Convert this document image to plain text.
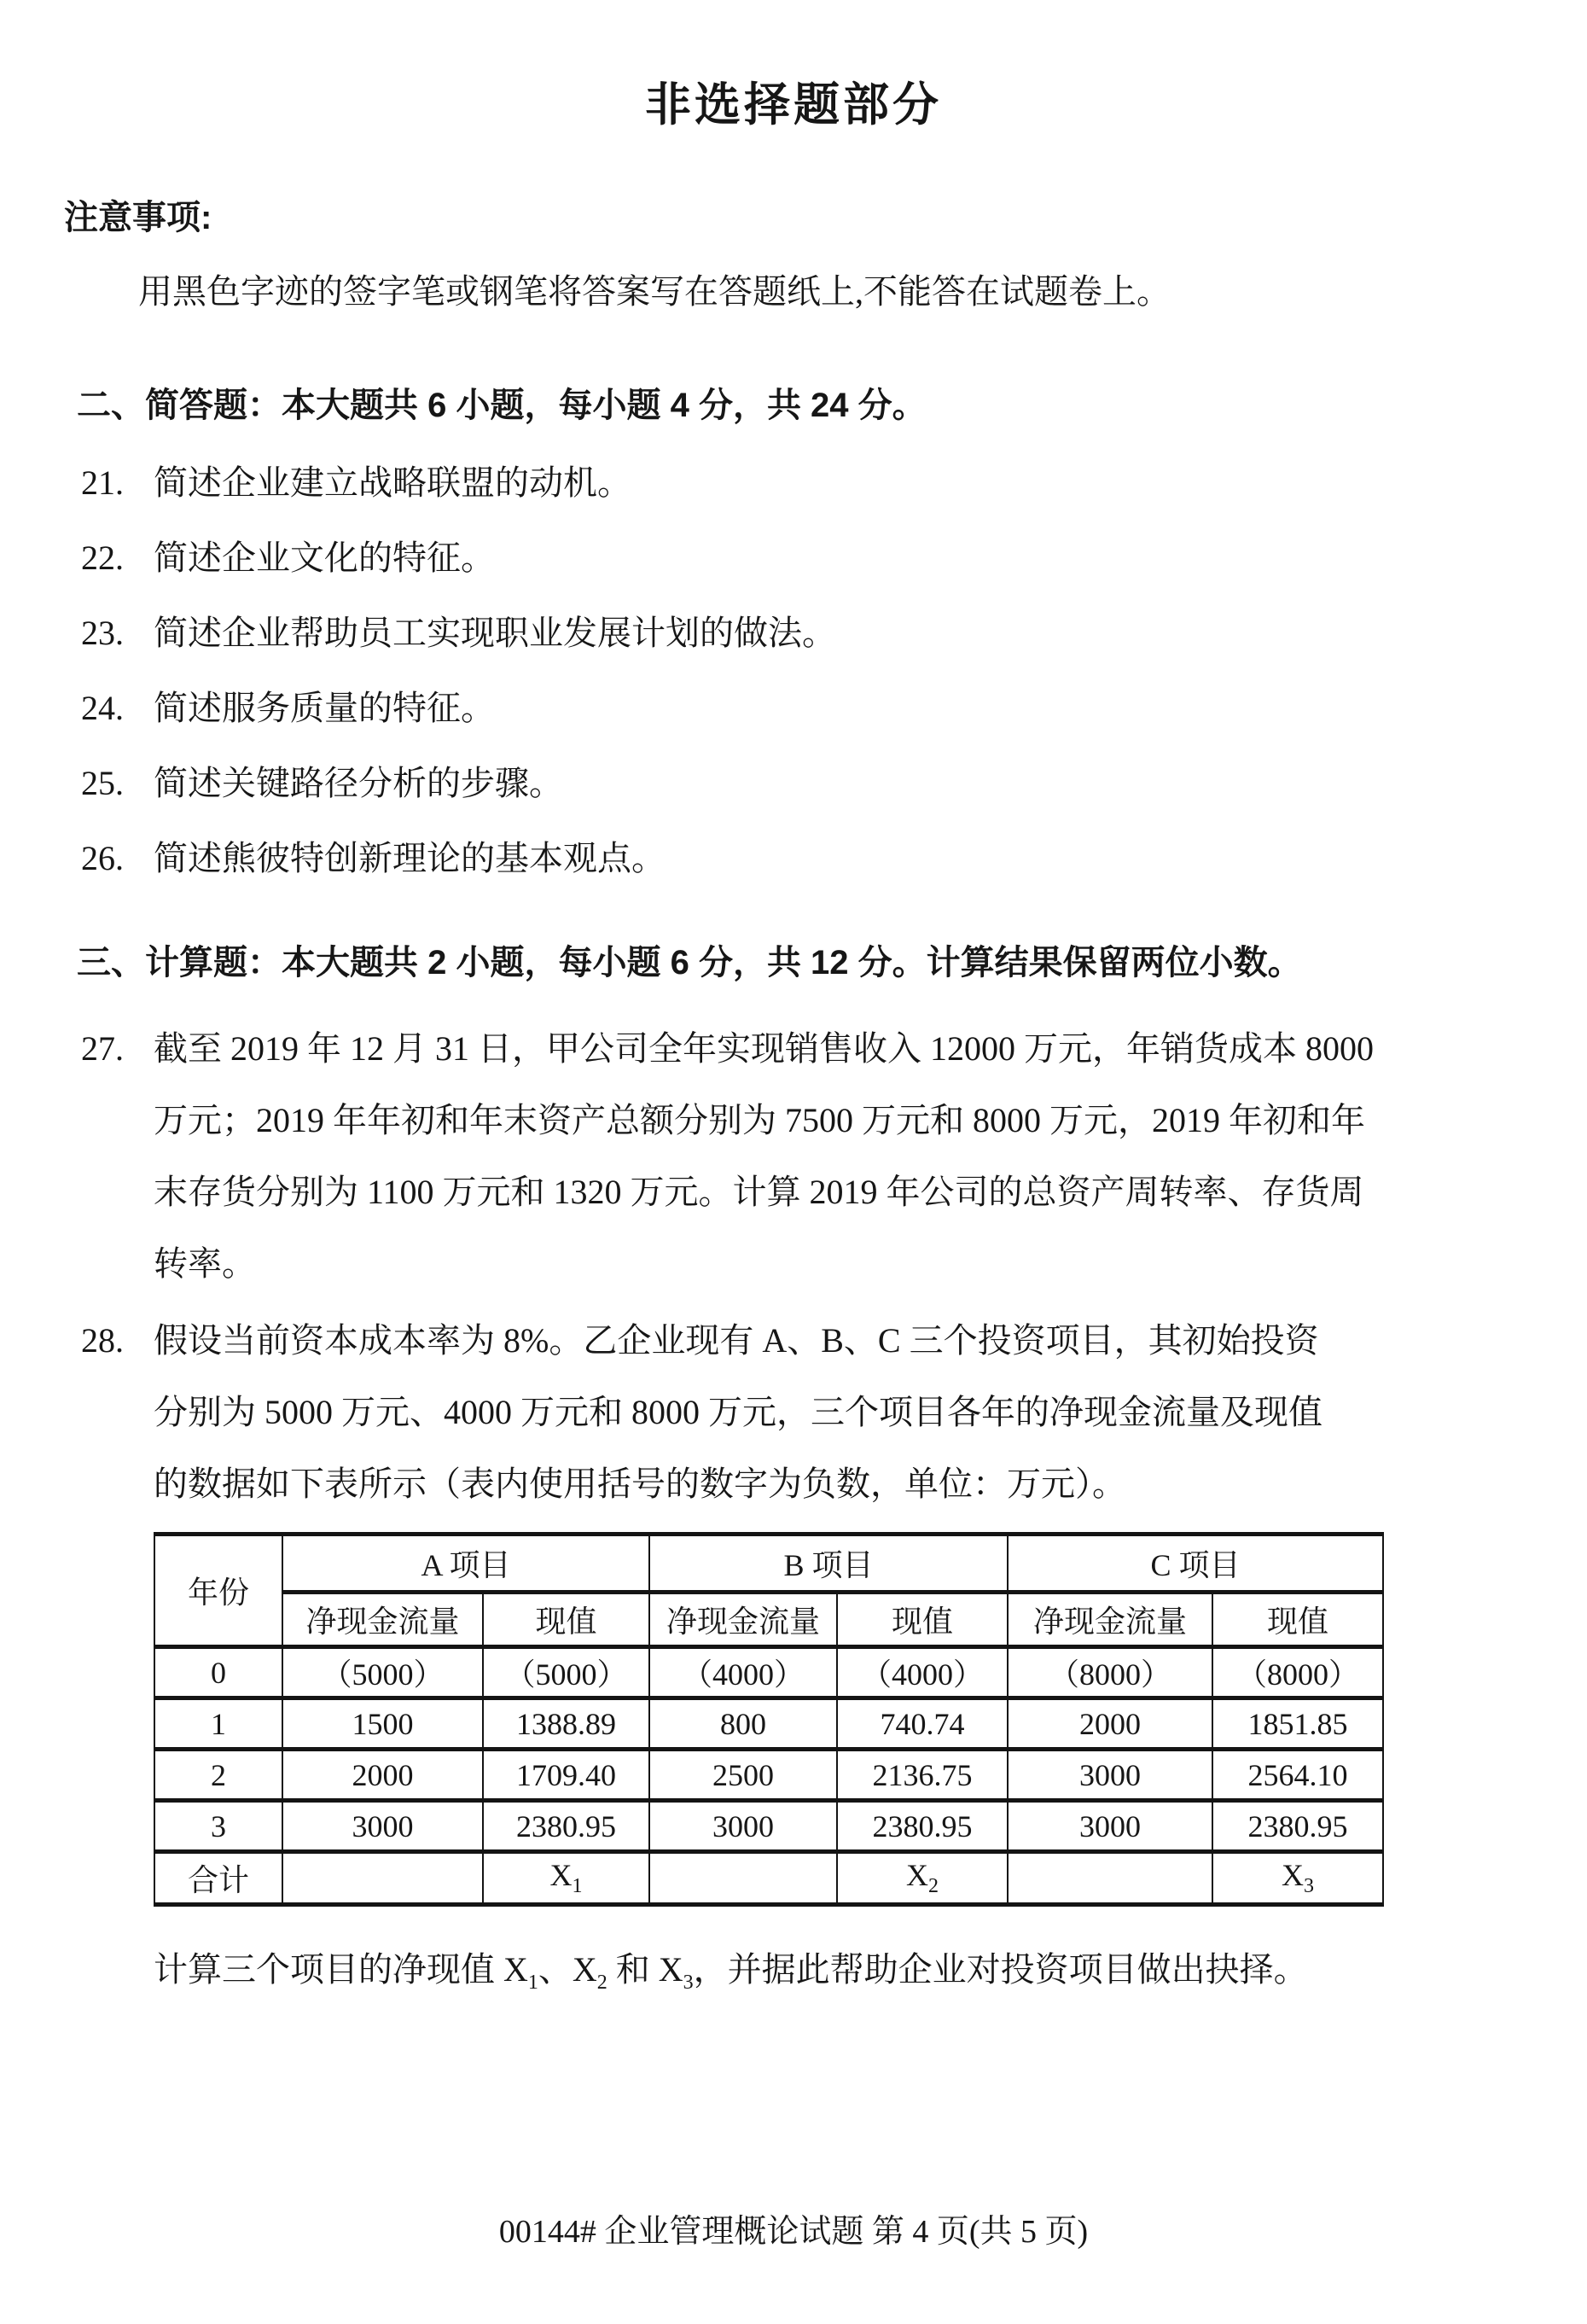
非选择题部分
注意事项:
用黑色字迹的签字笔或钢笔将答案写在答题纸上,不能答在试题卷上。
二、简答题：本大题共 6 小题，每小题 4 分，共 24 分。
21. 简述企业建立战略联盟的动机。
22. 简述企业文化的特征。
23. 简述企业帮助员工实现职业发展计划的做法。
24. 简述服务质量的特征。
25. 简述关键路径分析的步骤。
26. 简述熊彼特创新理论的基本观点。
三、计算题：本大题共 2 小题，每小题 6 分，共 12 分。计算结果保留两位小数。
27. 截至 2019 年 12 月 31 日，甲公司全年实现销售收入 12000 万元，年销货成本 8000
万元；2019 年年初和年末资产总额分别为 7500 万元和 8000 万元，2019 年初和年
末存货分别为 1100 万元和 1320 万元。计算 2019 年公司的总资产周转率、存货周
转率。
28. 假设当前资本成本率为 8%。乙企业现有 A、B、C 三个投资项目，其初始投资
分别为 5000 万元、4000 万元和 8000 万元，三个项目各年的净现金流量及现值
的数据如下表所示（表内使用括号的数字为负数，单位：万元）。
年份	A 项目		B 项目		C 项目	
	净现金流量	现值	净现金流量	现值	净现金流量	现值
0	（5000）	（5000）	（4000）	（4000）	（8000）	（8000）
1	1500	1388.89	800	740.74	2000	1851.85
2	2000	1709.40	2500	2136.75	3000	2564.10
3	3000	2380.95	3000	2380.95	3000	2380.95
合计		$X_1$		$X_2$		$X_3$
计算三个项目的净现值 $X_1$、$X_2$ 和 $X_3$，并据此帮助企业对投资项目做出抉择。
00144# 企业管理概论试题 第 4 页(共 5 页)
